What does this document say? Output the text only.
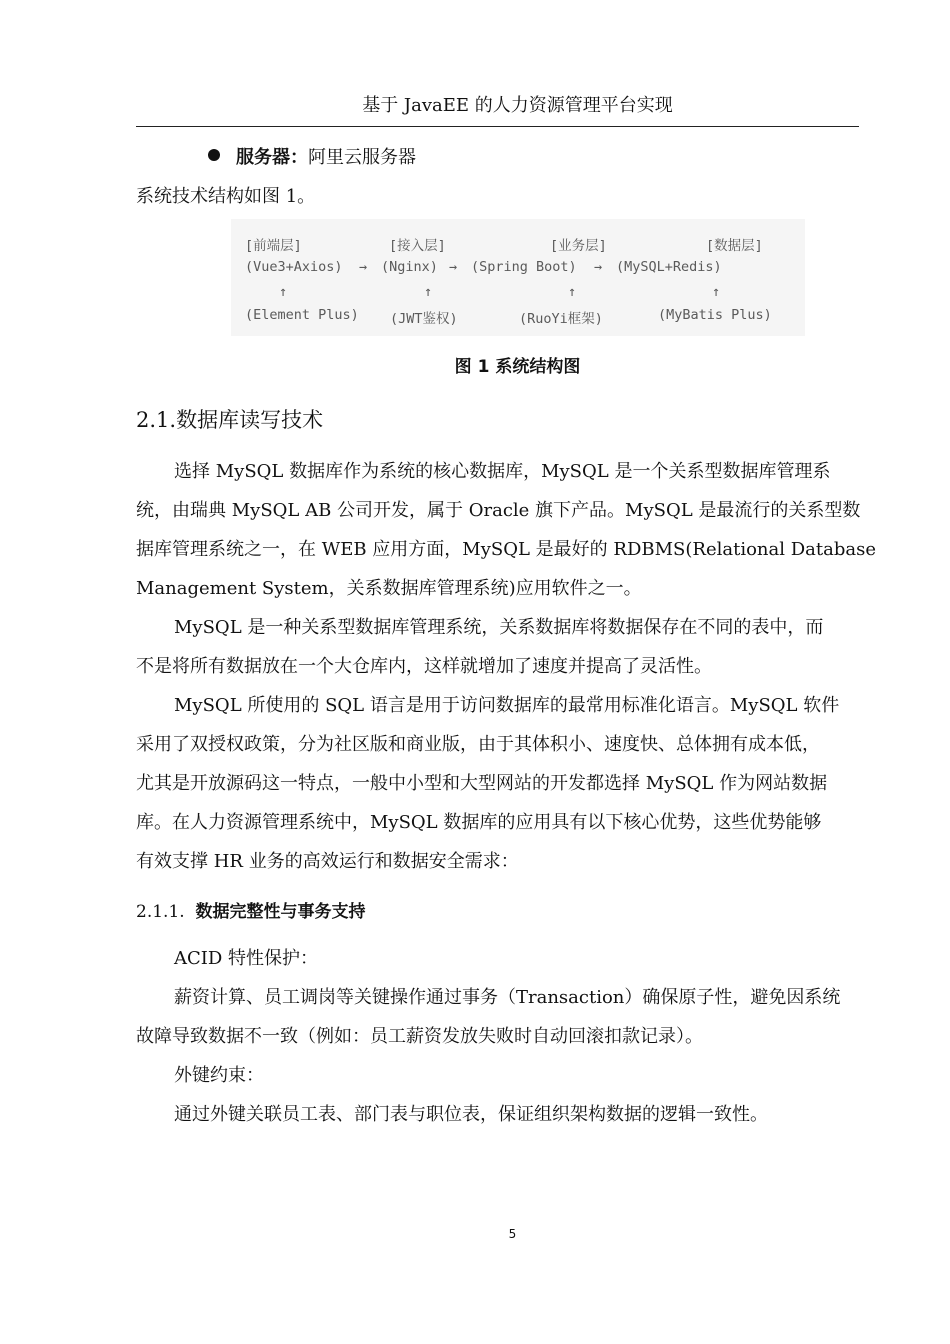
基于 JavaEE 的人力资源管理平台实现
服务器：阿里云服务器
系统技术结构如图 1。
[前端层]	[接入层]	[业务层]	[数据层]
(Vue3+Axios) → (Nginx) → (Spring Boot) → (MySQL+Redis)
↑	↑	↑	↑
(Element Plus) (JWT鉴权)	(RuoYi框架)	(MyBatis Plus)
图 1 系统结构图
2.1.数据库读写技术
选择 MySQL 数据库作为系统的核心数据库，MySQL 是一个关系型数据库管理系
统，由瑞典 MySQL AB 公司开发，属于 Oracle 旗下产品。MySQL 是最流行的关系型数
据库管理系统之一，在 WEB 应用方面，MySQL 是最好的 RDBMS(Relational Database
Management System，关系数据库管理系统)应用软件之一。
MySQL 是一种关系型数据库管理系统，关系数据库将数据保存在不同的表中，而
不是将所有数据放在一个大仓库内，这样就增加了速度并提高了灵活性。
MySQL 所使用的 SQL 语言是用于访问数据库的最常用标准化语言。MySQL 软件
采用了双授权政策，分为社区版和商业版，由于其体积小、速度快、总体拥有成本低，
尤其是开放源码这一特点，一般中小型和大型网站的开发都选择 MySQL 作为网站数据
库。在人力资源管理系统中，MySQL 数据库的应用具有以下核心优势，这些优势能够
有效支撑 HR 业务的高效运行和数据安全需求：
2.1.1. 数据完整性与事务支持
ACID 特性保护：
薪资计算、员工调岗等关键操作通过事务（Transaction）确保原子性，避免因系统
故障导致数据不一致（例如：员工薪资发放失败时自动回滚扣款记录）。
外键约束：
通过外键关联员工表、部门表与职位表，保证组织架构数据的逻辑一致性。
5
